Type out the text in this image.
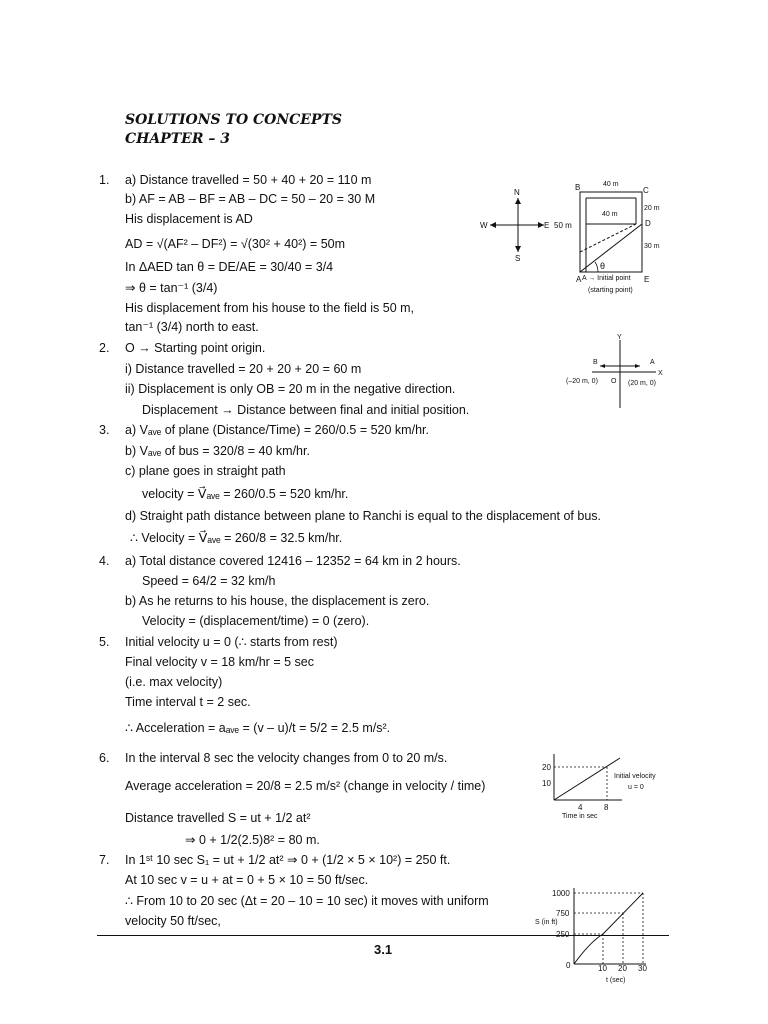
SOLUTIONS TO CONCEPTS
CHAPTER – 3
1. a) Distance travelled = 50 + 40 + 20 = 110 m
b) AF = AB – BF = AB – DC = 50 – 20 = 30 M
His displacement is AD
AD = √(AF² – DF²) = √(30² + 40²) = 50m
In ΔAED tan θ = DE/AE = 30/40 = 3/4
⇒ θ = tan⁻¹ (3/4)
His displacement from his house to the field is 50 m,
tan⁻¹ (3/4) north to east.
2. O → Starting point origin.
i) Distance travelled = 20 + 20 + 20 = 60 m
ii) Displacement is only OB = 20 m in the negative direction.
Displacement → Distance between final and initial position.
3. a) Vₐᵥₑ of plane (Distance/Time) = 260/0.5 = 520 km/hr.
b) Vₐᵥₑ of bus = 320/8 = 40 km/hr.
c) plane goes in straight path
velocity = V⃗ₐᵥₑ = 260/0.5 = 520 km/hr.
d) Straight path distance between plane to Ranchi is equal to the displacement of bus.
∴ Velocity = V⃗ₐᵥₑ = 260/8 = 32.5 km/hr.
4. a) Total distance covered 12416 – 12352 = 64 km in 2 hours.
Speed = 64/2 = 32 km/h
b) As he returns to his house, the displacement is zero.
Velocity = (displacement/time) = 0 (zero).
5. Initial velocity u = 0 (∴ starts from rest)
Final velocity v = 18 km/hr = 5 sec
(i.e. max velocity)
Time interval t = 2 sec.
∴ Acceleration = aₐᵥₑ = (v – u)/t = 5/2 = 2.5 m/s².
6. In the interval 8 sec the velocity changes from 0 to 20 m/s.
Average acceleration = 20/8 = 2.5 m/s² (change in velocity / time)
Distance travelled S = ut + 1/2 at²
⇒ 0 + 1/2(2.5)8² = 80 m.
7. In 1ˢᵗ 10 sec S₁ = ut + 1/2 at² ⇒ 0 + (1/2 × 5 × 10²) = 250 ft.
At 10 sec v = u + at = 0 + 5 × 10 = 50 ft/sec.
∴ From 10 to 20 sec (Δt = 20 – 10 = 10 sec) it moves with uniform
velocity 50 ft/sec,
N
S
W	E
B	C
D
A	E
40 m
40 m
20 m
50 m
30 m
θ
A → Initial point
(starting point)
Y
X
B	A
O
(–20 m, 0)	(20 m, 0)
20
10
4	8
Time in sec
Initial velocity
u = 0
1000
750
0	10 20 30
S (in ft)
t (sec)
3.1
